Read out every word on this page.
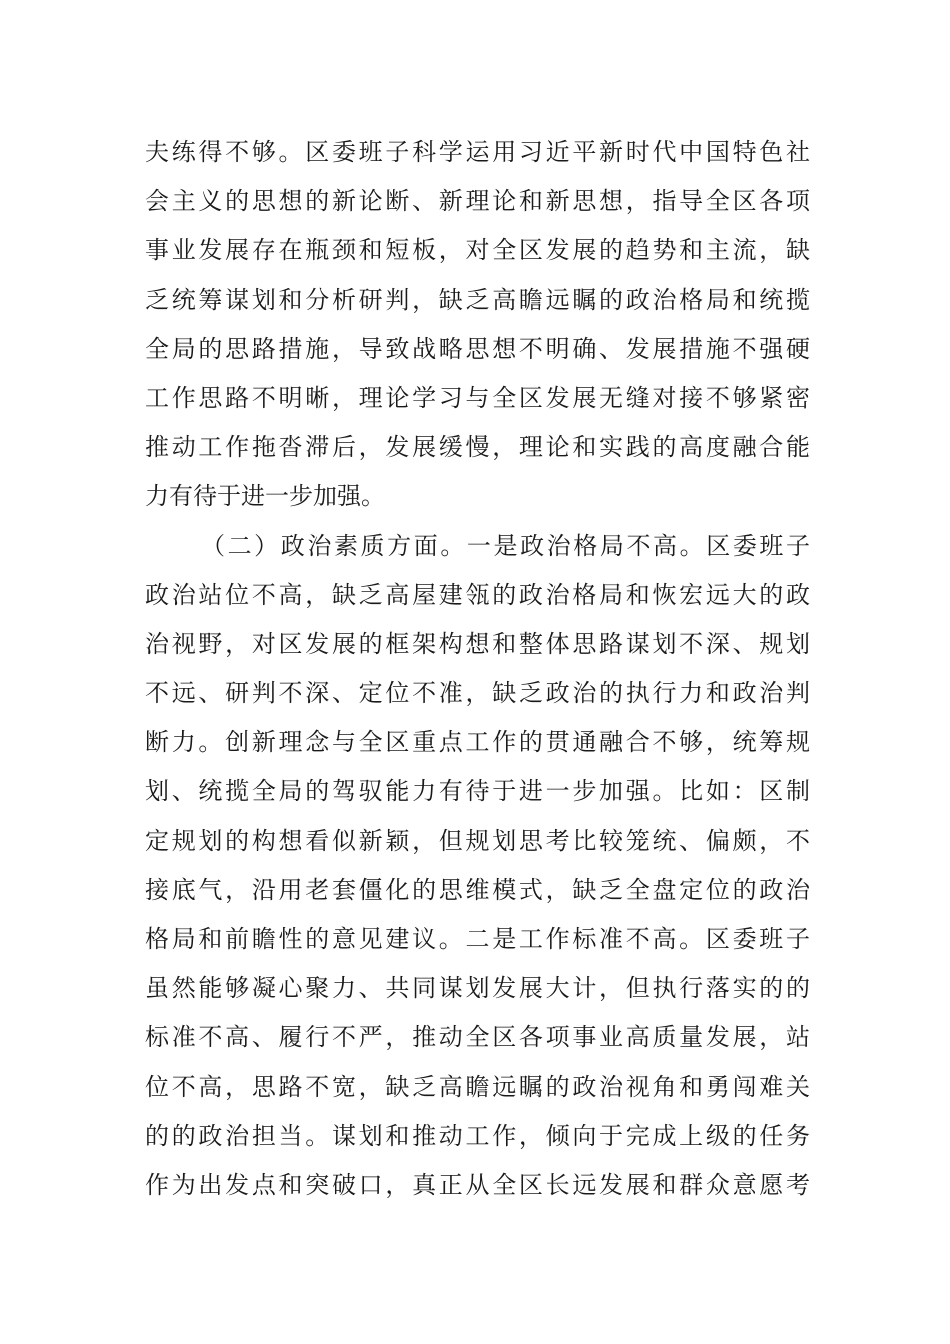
夫练得不够。区委班子科学运用习近平新时代中国特色社
会主义的思想的新论断、新理论和新思想，指导全区各项
事业发展存在瓶颈和短板，对全区发展的趋势和主流，缺
乏统筹谋划和分析研判，缺乏高瞻远瞩的政治格局和统揽
全局的思路措施，导致战略思想不明确、发展措施不强硬
工作思路不明晰，理论学习与全区发展无缝对接不够紧密
推动工作拖沓滞后，发展缓慢，理论和实践的高度融合能
力有待于进一步加强。
（二）政治素质方面。一是政治格局不高。区委班子
政治站位不高，缺乏高屋建瓴的政治格局和恢宏远大的政
治视野，对区发展的框架构想和整体思路谋划不深、规划
不远、研判不深、定位不准，缺乏政治的执行力和政治判
断力。创新理念与全区重点工作的贯通融合不够，统筹规
划、统揽全局的驾驭能力有待于进一步加强。比如：区制
定规划的构想看似新颖，但规划思考比较笼统、偏颇，不
接底气，沿用老套僵化的思维模式，缺乏全盘定位的政治
格局和前瞻性的意见建议。二是工作标准不高。区委班子
虽然能够凝心聚力、共同谋划发展大计，但执行落实的的
标准不高、履行不严，推动全区各项事业高质量发展，站
位不高，思路不宽，缺乏高瞻远瞩的政治视角和勇闯难关
的的政治担当。谋划和推动工作，倾向于完成上级的任务
作为出发点和突破口，真正从全区长远发展和群众意愿考
